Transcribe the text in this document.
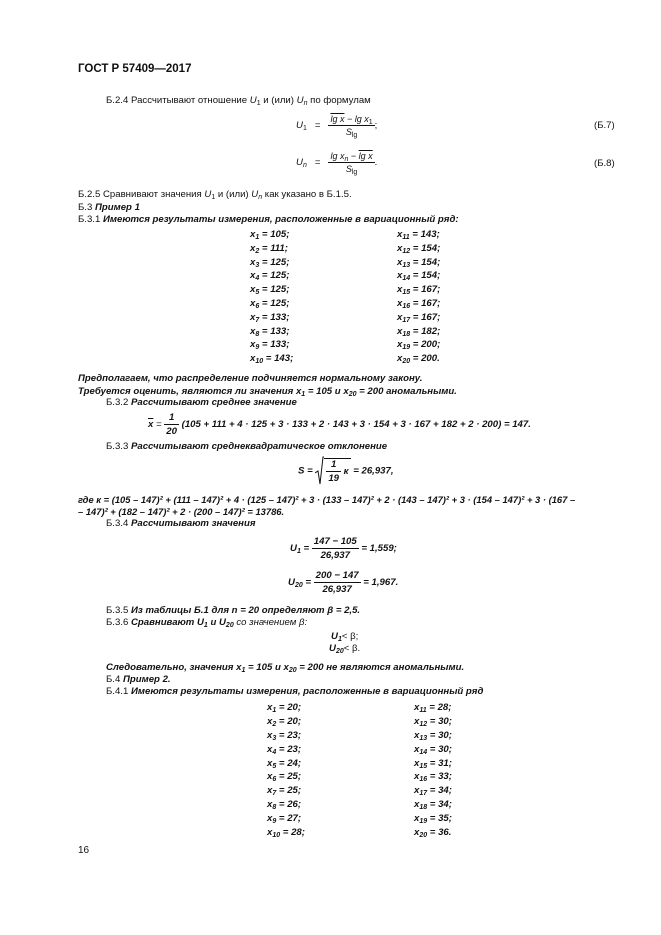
ГОСТ Р 57409—2017
Б.2.4 Рассчитывают отношение $U_1$ и (или) $U_n$ по формулам
$U_1 = \frac{\lg x - \lg x_1}{S_{lg}}$ ;	(Б.7)
$U_n = \frac{\lg x_n - \lg x}{S_{lg}}$ .	(Б.8)
Б.2.5 Сравнивают значения $U_1$ и (или) $U_n$ как указано в Б.1.5.
Б.3 Пример 1
Б.3.1 Имеются результаты измерения, расположенные в вариационный ряд:
$x_1 = 105$;
$x_2 = 111$;
$x_3 = 125$;
$x_4 = 125$;
$x_5 = 125$;
$x_6 = 125$;
$x_7 = 133$;
$x_8 = 133$;
$x_9 = 133$;
$x_{10} = 143$;
$x_{11} = 143$;
$x_{12} = 154$;
$x_{13} = 154$;
$x_{14} = 154$;
$x_{15} = 167$;
$x_{16} = 167$;
$x_{17} = 167$;
$x_{18} = 182$;
$x_{19} = 200$;
$x_{20} = 200$.
Предполагаем, что распределение подчиняется нормальному закону.
Требуется оценить, являются ли значения $x_1 = 105$ и $x_{20} = 200$ аномальными.
Б.3.2 Рассчитывают среднее значение
$\overline{x} = \frac{1}{20} (105 + 111 + 4 \cdot 125 + 3 \cdot 133 + 2 \cdot 143 + 3 \cdot 154 + 3 \cdot 167 + 182 + 2 \cdot 200) = 147$.
Б.3.3 Рассчитывают среднеквадратическое отклонение
$S = \frac{1}{19}$ к = 26,937,
где к = (105 – 147)² + (111 – 147)² + 4 · (125 – 147)² + 3 · (133 – 147)² + 2 · (143 – 147)² + 3 · (154 – 147)² + 3 · (167 –
– 147)² + (182 – 147)² + 2 · (200 – 147)² = 13786.
Б.3.4 Рассчитывают значения
$U_1 = \frac{147 - 105}{26,937} = 1,559$;
$U_{20} = \frac{200 - 147}{26,937} = 1,967$.
Б.3.5 Из таблицы Б.1 для n = 20 определяют β = 2,5.
Б.3.6 Сравнивают $U_1$ и $U_{20}$ со значением β:
$U_1< \beta$;
$U_{20}< \beta$.
Следовательно, значения $x_1 = 105$ и $x_{20} = 200$ не являются аномальными.
Б.4 Пример 2.
Б.4.1 Имеются результаты измерения, расположенные в вариационный ряд
$x_1 = 20$;
$x_2 = 20$;
$x_3 = 23$;
$x_4 = 23$;
$x_5 = 24$;
$x_6 = 25$;
$x_7 = 25$;
$x_8 = 26$;
$x_9 = 27$;
$x_{10} = 28$;
$x_{11} = 28$;
$x_{12} = 30$;
$x_{13} = 30$;
$x_{14} = 30$;
$x_{15} = 31$;
$x_{16} = 33$;
$x_{17} = 34$;
$x_{18} = 34$;
$x_{19} = 35$;
$x_{20} = 36$.
16
